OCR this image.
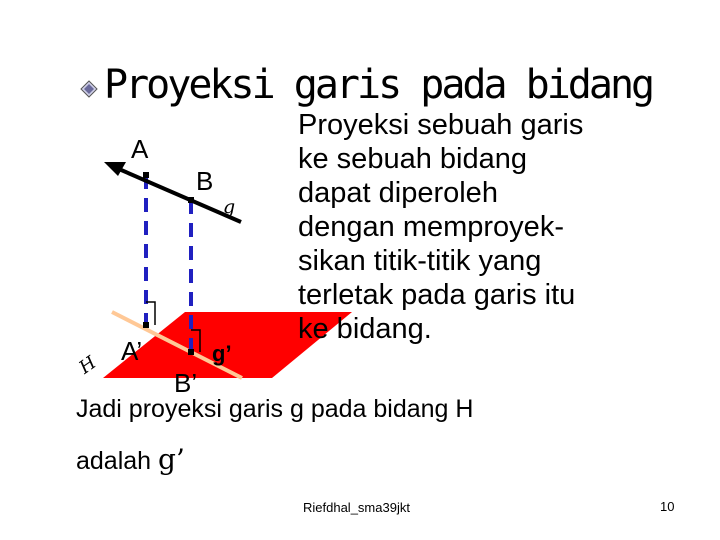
Proyeksi garis pada bidang
H
A
B
g
A’	g’
B’
Proyeksi sebuah garis
ke sebuah bidang
dapat diperoleh
dengan memproyek-
sikan titik-titik yang
terletak pada garis itu
ke bidang.
Jadi proyeksi garis g pada bidang H
adalah g’
Riefdhal_sma39jkt	10
